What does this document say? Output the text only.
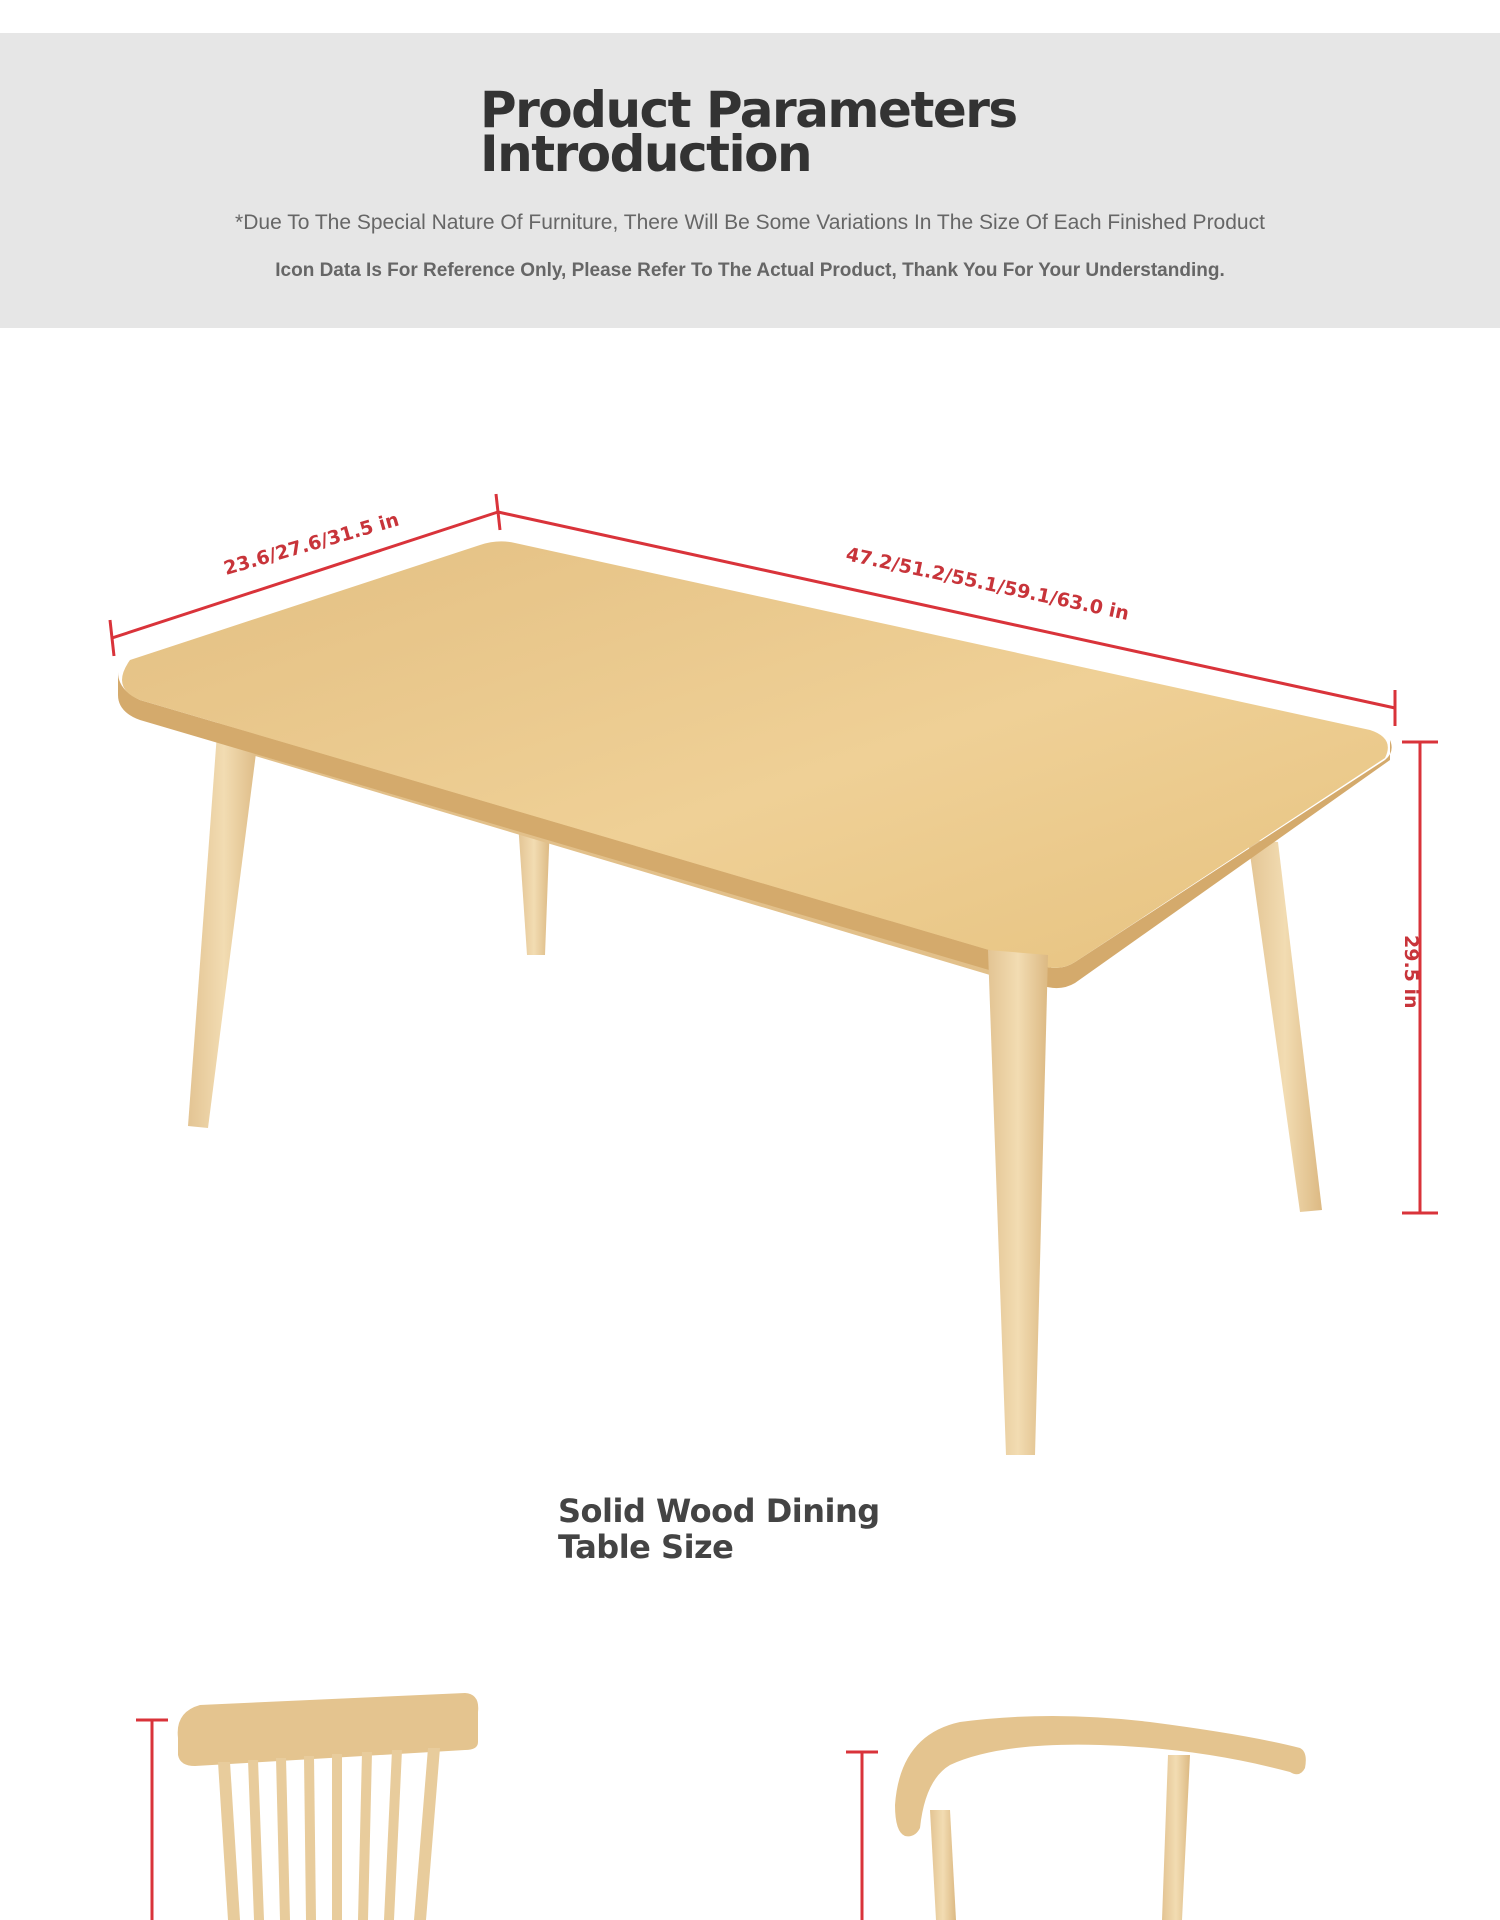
Product Parameters
Introduction
*Due To The Special Nature Of Furniture, There Will Be Some Variations In The Size Of Each Finished Product
Icon Data Is For Reference Only, Please Refer To The Actual Product, Thank You For Your Understanding.
23.6/27.6/31.5 in	47.2/51.2/55.1/59.1/63.0 in
29.5 in
Solid Wood Dining
Table Size
